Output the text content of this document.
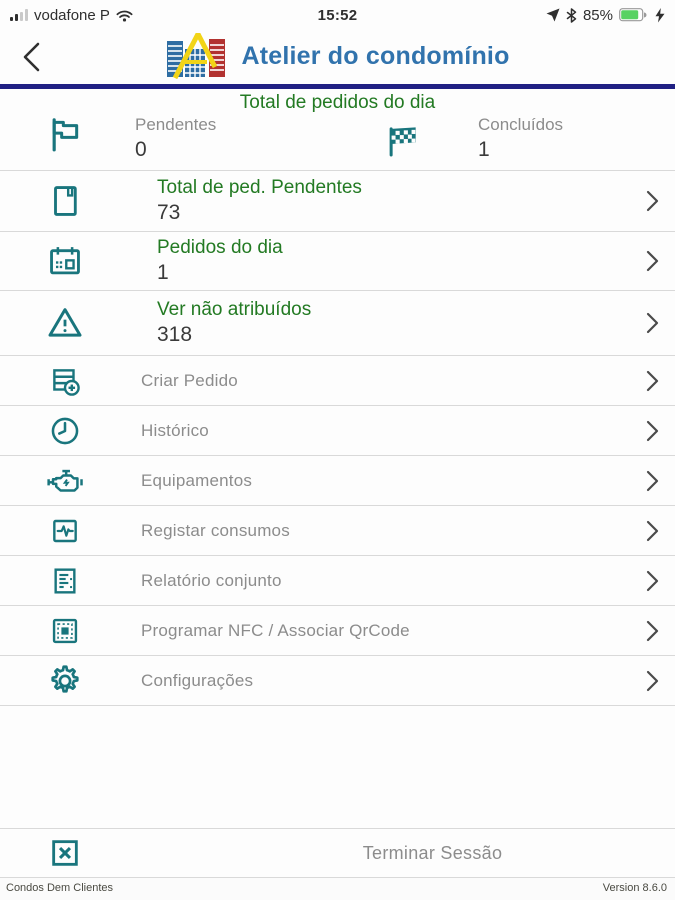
vodafone P	15:52	85%
Atelier do condomínio
Total de pedidos do dia
Pendentes
0
Concluídos
1
Total de ped. Pendentes
73
Pedidos do dia
1
Ver não atribuídos
318
Criar Pedido
Histórico
Equipamentos
Registar consumos
Relatório conjunto
Programar NFC / Associar QrCode
Configurações
Terminar Sessão
Condos Dem Clientes	Version 8.6.0
